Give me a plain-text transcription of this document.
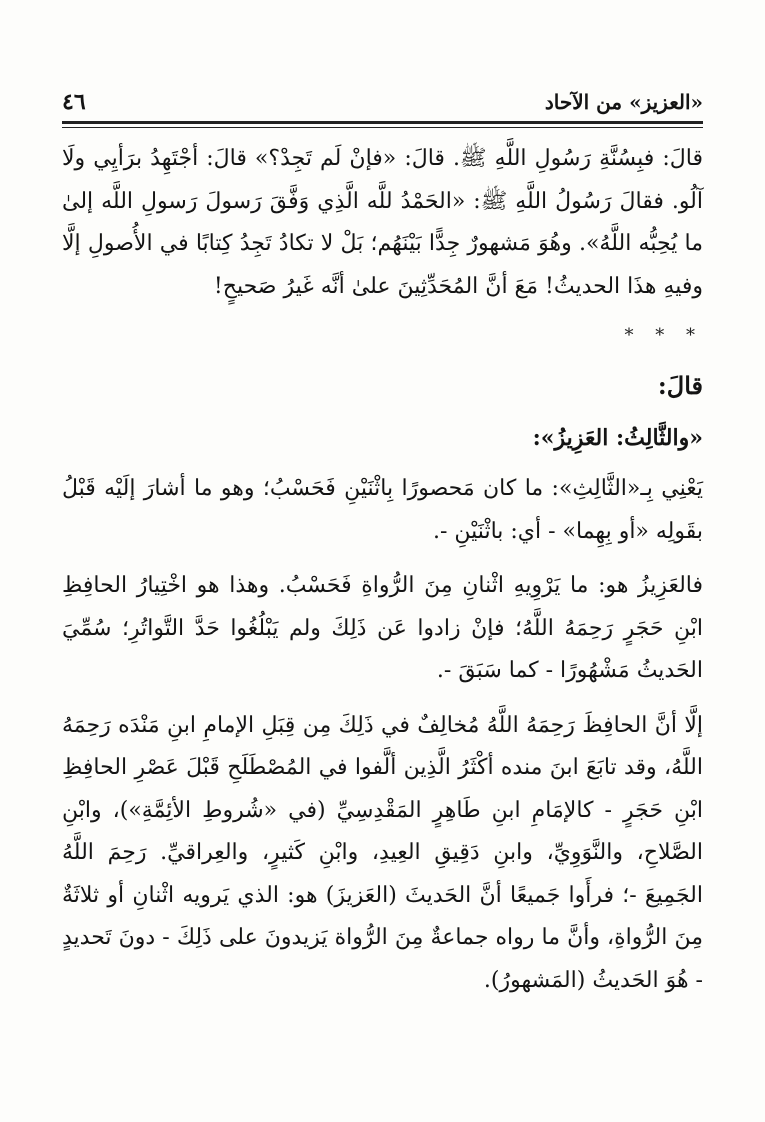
٤٦	«العزيز» من الآحاد

قالَ: فبِسُنَّةِ رَسُولِ اللَّهِ ﷺ. قالَ: «فإنْ لَم تَجِدْ؟» قالَ: أجْتَهِدُ برَأيِي ولَا آلُو. فقالَ رَسُولُ اللَّهِ ﷺ: «الحَمْدُ للَّه الَّذِي وَفَّقَ رَسولَ رَسولِ اللَّه إلىٰ ما يُحِبُّه اللَّهُ». وهُوَ مَشهورٌ جِدًّا بَيْنَهُم؛ بَلْ لا تكادُ تَجِدُ كِتابًا في الأُصولِ إلَّا وفيهِ هذَا الحديثُ! مَعَ أنَّ المُحَدِّثِينَ علىٰ أنَّه غَيرُ صَحيحٍ!

* * *

قالَ:

«والثَّالِثُ: العَزِيزُ»:

يَعْنِي بِـ«الثَّالِثِ»: ما كان مَحصورًا بِاثْنَيْنِ فَحَسْبُ؛ وهو ما أشارَ إلَيْه قَبْلُ بقَولِه «أو بِهِما» - أي: باثْنَيْنِ -.

فالعَزِيزُ هو: ما يَرْوِيهِ اثْنانِ مِنَ الرُّواةِ فَحَسْبُ. وهذا هو اخْتِيارُ الحافِظِ ابْنِ حَجَرٍ رَحِمَهُ اللَّهُ؛ فإنْ زادوا عَن ذَلِكَ ولم يَبْلُغُوا حَدَّ التَّواتُرِ؛ سُمِّيَ الحَديثُ مَشْهُورًا - كما سَبَقَ -.

إلَّا أنَّ الحافِظَ رَحِمَهُ اللَّهُ مُخالِفٌ في ذَلِكَ مِن قِبَلِ الإمامِ ابنِ مَنْدَه رَحِمَهُ اللَّهُ، وقد تابَعَ ابنَ منده أكْثَرُ الَّذِين ألَّفوا في المُصْطَلَحِ قَبْلَ عَصْرِ الحافِظِ ابْنِ حَجَرٍ - كالإمَامِ ابنِ طَاهِرٍ المَقْدِسِيِّ (في «شُروطِ الأئِمَّةِ»)، وابْنِ الصَّلاحِ، والنَّوَوِيِّ، وابنِ دَقِيقِ العِيدِ، وابْنِ كَثيرٍ، والعِراقيِّ. رَحِمَ اللَّهُ الجَمِيعَ -؛ فرأَوا جَميعًا أنَّ الحَديثَ (العَزيزَ) هو: الذي يَرويه اثْنانِ أو ثلاثَةٌ مِنَ الرُّواةِ، وأنَّ ما رواه جماعةٌ مِنَ الرُّواة يَزيدونَ على ذَلِكَ - دونَ تَحديدٍ - هُوَ الحَديثُ (المَشهورُ).
